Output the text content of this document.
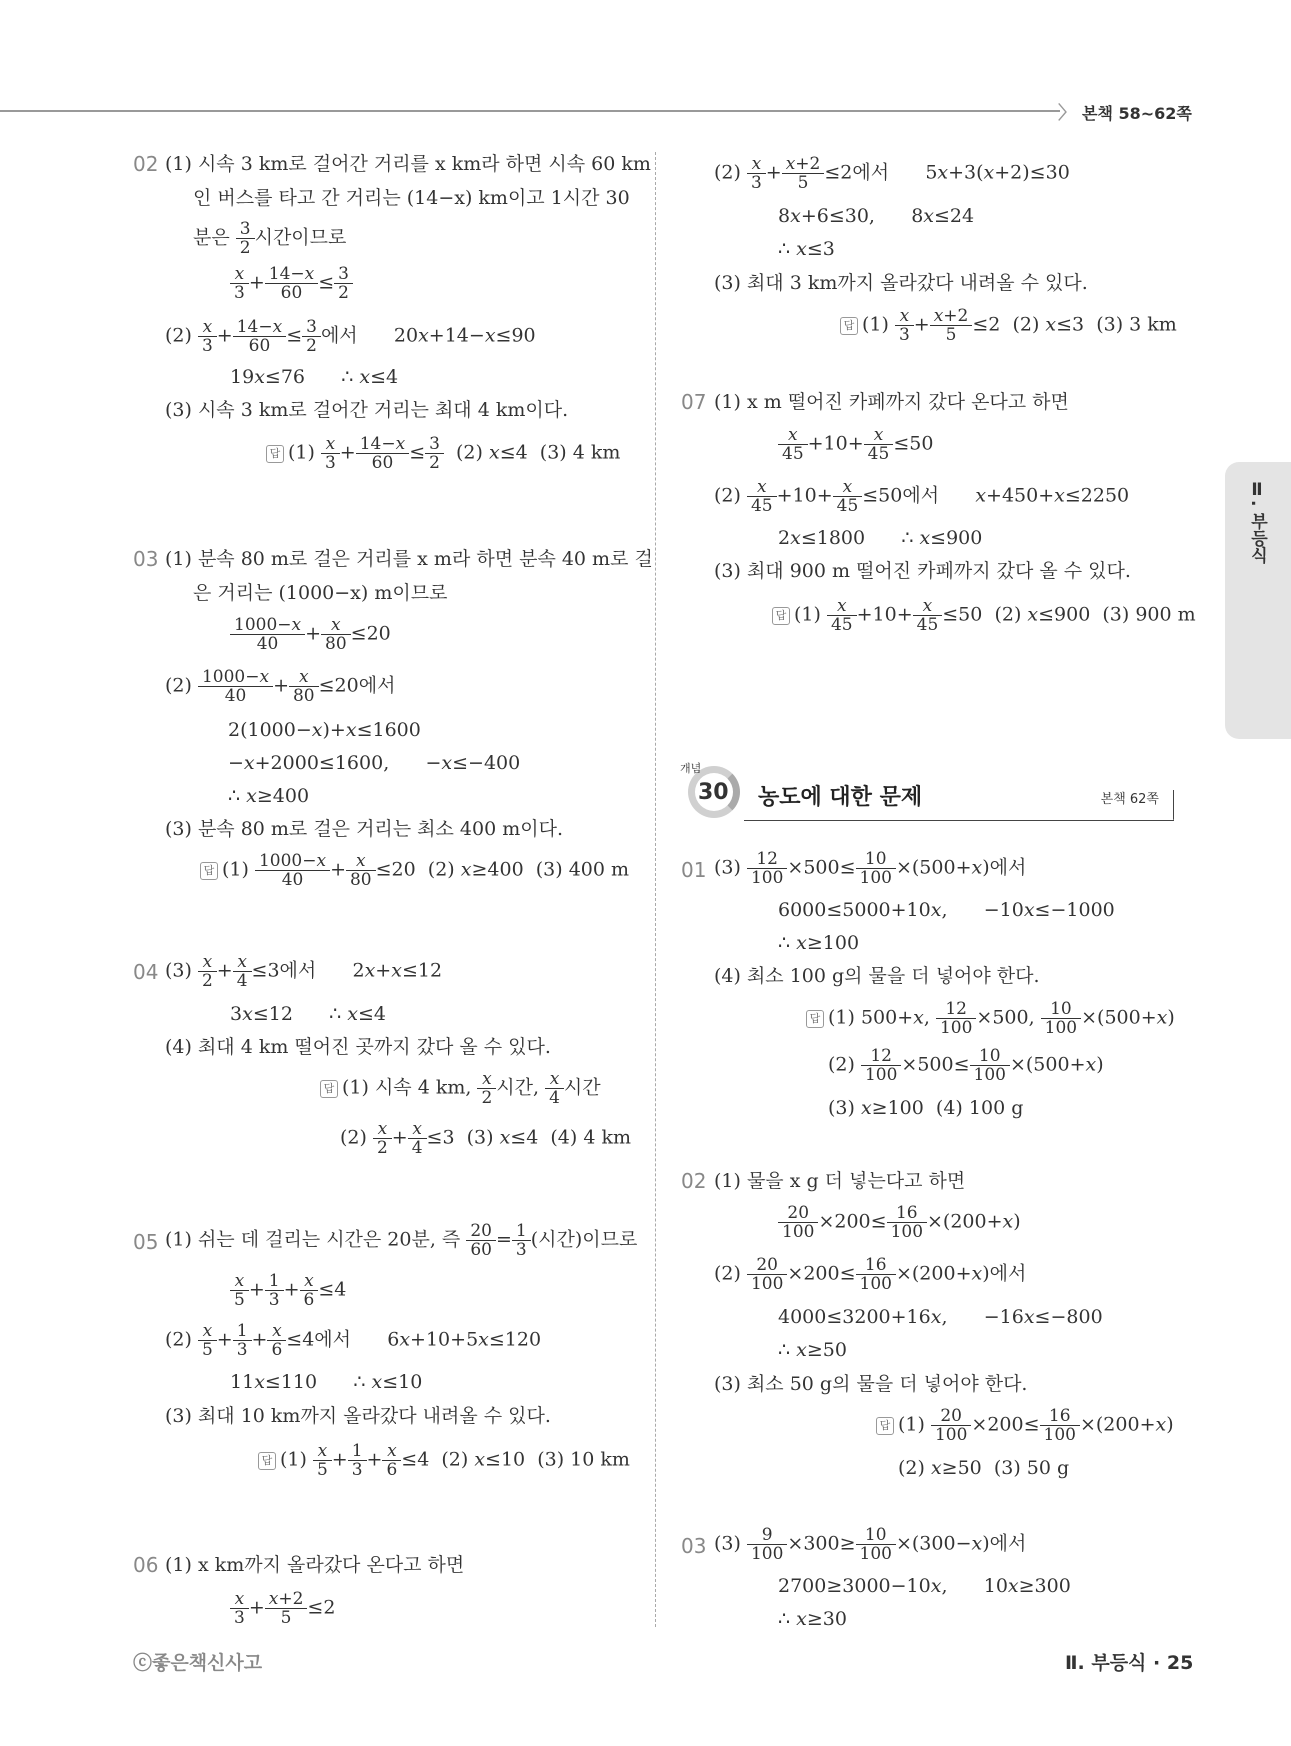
〉 본책 58~62쪽
Ⅱ. 부등식
02 (1) 시속 3 km로 걸어간 거리를 x km라 하면 시속 60 km
인 버스를 타고 간 거리는 (14−x) km이고 1시간 30
분은 $\frac{3}{2}$ 시간이므로
$\frac{x}{3} + \frac{14-x}{60} \le \frac{3}{2}$
$(2) \frac{x}{3} + \frac{14-x}{60} \le \frac{3}{2}$ 에서      20x+14−x≤90
19x≤76      ∴ x≤4
(3) 시속 3 km로 걸어간 거리는 최대 4 km이다.
답 $(1) \frac{x}{3} + \frac{14-x}{60} \le \frac{3}{2} (2)$ x≤4  (3) 4 km
03 (1) 분속 80 m로 걸은 거리를 x m라 하면 분속 40 m로 걸
은 거리는 (1000−x) m이므로
$\frac{1000-x}{40} + \frac{x}{80} \le 20$
$(2) \frac{1000-x}{40} + \frac{x}{80} \le 20$에서
2(1000−x)+x≤1600
−x+2000≤1600,      −x≤−400
∴ x≥400
(3) 분속 80 m로 걸은 거리는 최소 400 m이다.
답 $(1) \frac{1000-x}{40} + \frac{x}{80} \le 20$  (2) x≥400  (3) 400 m
04 $(3) \frac{x}{2} + \frac{x}{4} \le 3$에서      2x+x≤12
3x≤12      ∴ x≤4
(4) 최대 4 km 떨어진 곳까지 갔다 올 수 있다.
답 (1) 시속 4 km, $\frac{x}{2}$ 시간, $\frac{x}{4}$ 시간
$(2) \frac{x}{2} + \frac{x}{4} \le 3$  (3) x≤4  (4) 4 km
05 (1) 쉬는 데 걸리는 시간은 20분, 즉 $\frac{20}{60} = \frac{1}{3}$ (시간)이므로
$\frac{x}{5} + \frac{1}{3} + \frac{x}{6} \le 4$
$(2) \frac{x}{5} + \frac{1}{3} + \frac{x}{6} \le 4$에서      6x+10+5x≤120
11x≤110      ∴ x≤10
(3) 최대 10 km까지 올라갔다 내려올 수 있다.
답 $(1) \frac{x}{5} + \frac{1}{3} + \frac{x}{6} \le 4$  (2) x≤10  (3) 10 km
06 (1) x km까지 올라갔다 온다고 하면
$\frac{x}{3} + \frac{x+2}{5} \le 2$
$(2) \frac{x}{3} + \frac{x+2}{5} \le 2$에서      5x+3(x+2)≤30
8x+6≤30,      8x≤24
∴ x≤3
(3) 최대 3 km까지 올라갔다 내려올 수 있다.
답 $(1) \frac{x}{3} + \frac{x+2}{5} \le 2$  (2) x≤3  (3) 3 km
07 (1) x m 떨어진 카페까지 갔다 온다고 하면
$\frac{x}{45} +10+ \frac{x}{45} \le 50$
$(2) \frac{x}{45} +10+ \frac{x}{45} \le 50$에서      x+450+x≤2250
2x≤1800      ∴ x≤900
(3) 최대 900 m 떨어진 카페까지 갔다 올 수 있다.
답 $(1) \frac{x}{45} +10+ \frac{x}{45} \le 50$  (2) x≤900  (3) 900 m
개념
30 농도에 대한 문제	본책 62쪽
01 $(3) \frac{12}{100} \times 500\le \frac{10}{100} \times(500+x)$에서
6000≤5000+10x,      −10x≤−1000
∴ x≥100
(4) 최소 100 g의 물을 더 넣어야 한다.
답 (1) 500+x, $\frac{12}{100} \times 500$, $\frac{10}{100} \times(500+x)$
$(2) \frac{12}{100} \times 500\le \frac{10}{100} \times(500+x)$
(3) x≥100  (4) 100 g
02 (1) 물을 x g 더 넣는다고 하면
$\frac{20}{100} \times 200\le \frac{16}{100} \times(200+x)$
$(2) \frac{20}{100} \times 200\le \frac{16}{100} \times(200+x)$에서
4000≤3200+16x,      −16x≤−800
∴ x≥50
(3) 최소 50 g의 물을 더 넣어야 한다.
답 $(1) \frac{20}{100} \times 200\le \frac{16}{100} \times(200+x)$
(2) x≥50  (3) 50 g
03 $(3) \frac{9}{100} \times 300\ge \frac{10}{100} \times(300-x)$에서
2700≥3000−10x,      10x≥300
∴ x≥30
ⓒ좋은책신사고	Ⅱ. 부등식 · 25
